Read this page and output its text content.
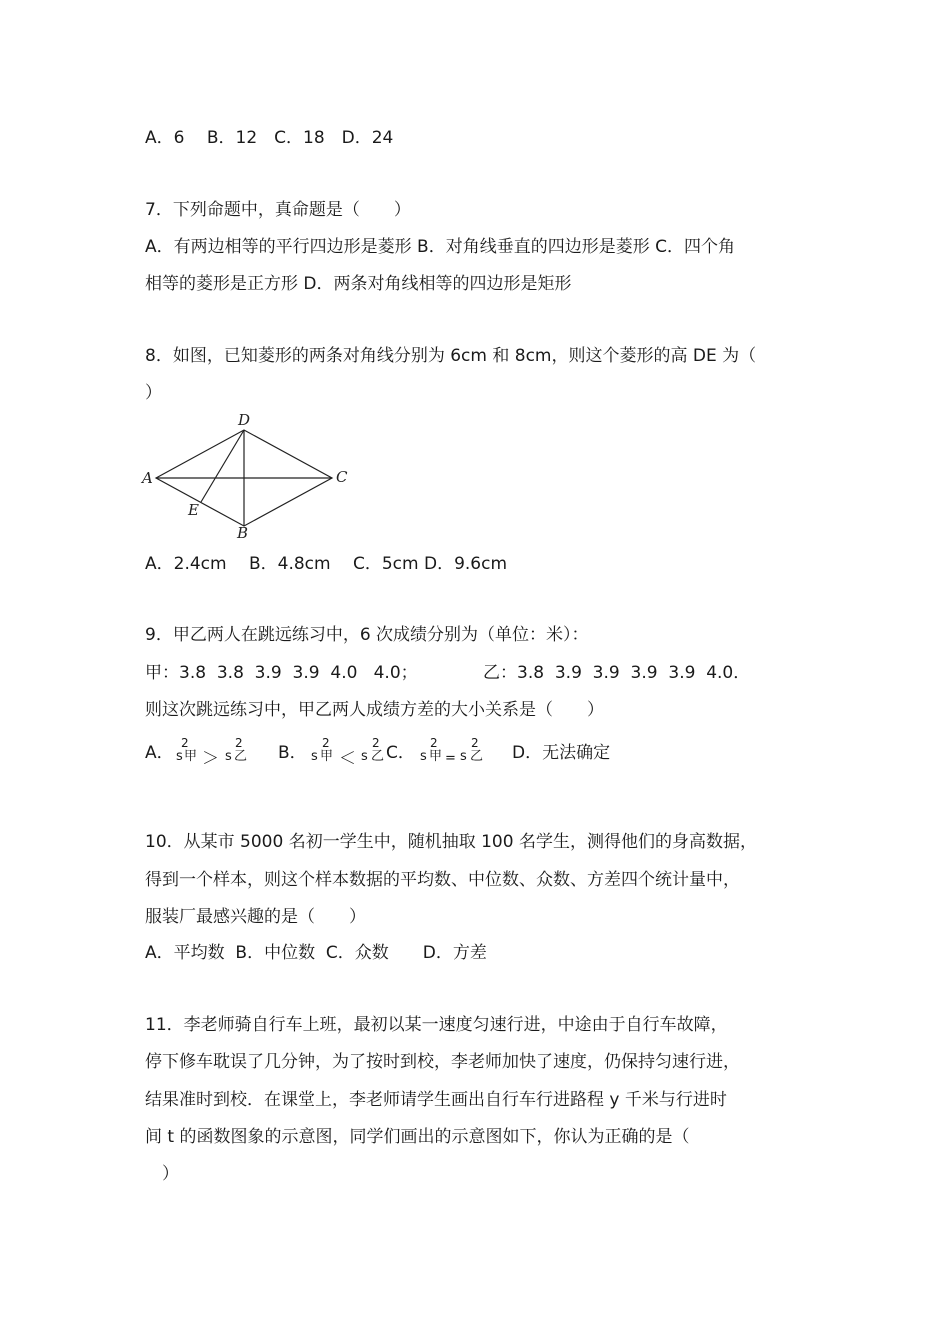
A．6　 B．12　C．18　D．24
7．下列命题中，真命题是（　　）
A．有两边相等的平行四边形是菱形 B．对角线垂直的四边形是菱形 C．四个角
相等的菱形是正方形 D．两条对角线相等的四边形是矩形
8．如图，已知菱形的两条对角线分别为 6cm 和 8cm，则这个菱形的高 DE 为（
）
A
D
C
B
E
A．2.4cm　 B．4.8cm　 C．5cm D．9.6cm
9．甲乙两人在跳远练习中，6 次成绩分别为（单位：米）：
甲：3.8  3.8  3.9  3.9  4.0   4.0；	乙：3.8  3.9  3.9  3.9  3.9  4.0．
则这次跳远练习中，甲乙两人成绩方差的大小关系是（　　）
A． 2
s 甲 ＞
2
s 乙 B． 2
s 甲 ＜
2
s 乙 C． 2
s 甲 =
2
s 乙 D．无法确定
10．从某市 5000 名初一学生中，随机抽取 100 名学生，测得他们的身高数据，
得到一个样本，则这个样本数据的平均数、中位数、众数、方差四个统计量中，
服装厂最感兴趣的是（　　）
A．平均数  B．中位数  C．众数　　D．方差
11．李老师骑自行车上班，最初以某一速度匀速行进，中途由于自行车故障，
停下修车耽误了几分钟，为了按时到校，李老师加快了速度，仍保持匀速行进，
结果准时到校．在课堂上，李老师请学生画出自行车行进路程 y 千米与行进时
间 t 的函数图象的示意图，同学们画出的示意图如下，你认为正确的是（
　）
